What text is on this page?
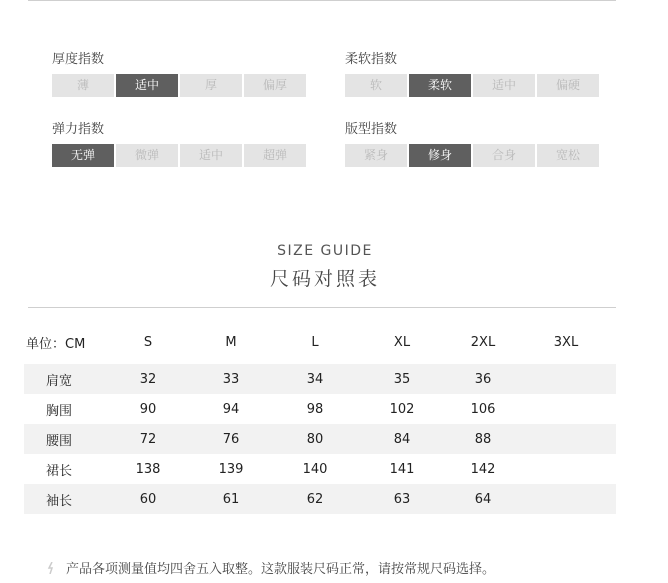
厚度指数
薄	适中	厚	偏厚
柔软指数
软	柔软	适中	偏硬
弹力指数
无弹	微弹	适中	超弹
版型指数
紧身	修身	合身	宽松
SIZE GUIDE
尺码对照表
单位：CM	S	M	L	XL	2XL	3XL
肩宽	32	33	34	35	36
胸围	90	94	98	102	106
腰围	72	76	80	84	88
裙长	138	139	140	141	142
袖长	60	61	62	63	64
产品各项测量值均四舍五入取整。这款服装尺码正常，请按常规尺码选择。
